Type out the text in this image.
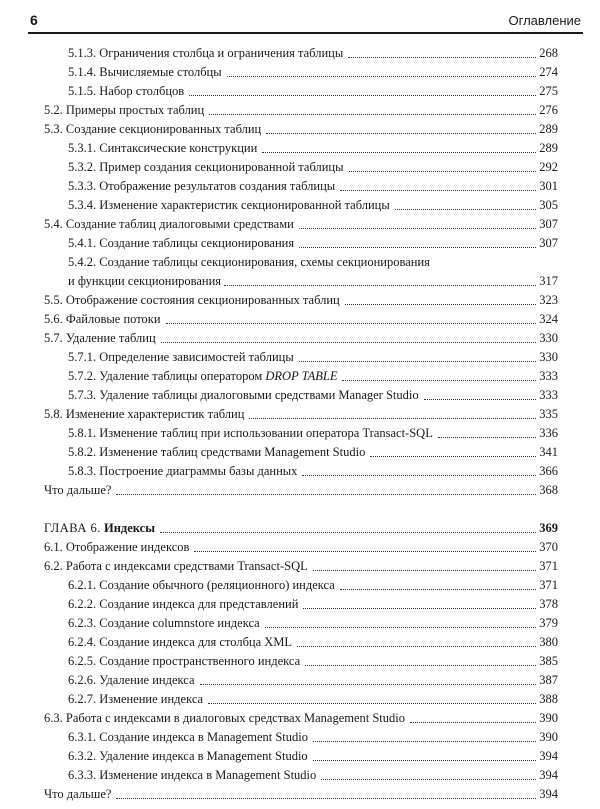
6	Оглавление
5.1.3. Ограничения столбца и ограничения таблицы	268
5.1.4. Вычисляемые столбцы	274
5.1.5. Набор столбцов	275
5.2. Примеры простых таблиц	276
5.3. Создание секционированных таблиц	289
5.3.1. Синтаксические конструкции	289
5.3.2. Пример создания секционированной таблицы	292
5.3.3. Отображение результатов создания таблицы	301
5.3.4. Изменение характеристик секционированной таблицы	305
5.4. Создание таблиц диалоговыми средствами	307
5.4.1. Создание таблицы секционирования	307
5.4.2. Создание таблицы секционирования, схемы секционирования
и функции секционирования	317
5.5. Отображение состояния секционированных таблиц	323
5.6. Файловые потоки	324
5.7. Удаление таблиц	330
5.7.1. Определение зависимостей таблицы	330
5.7.2. Удаление таблицы оператором DROP TABLE	333
5.7.3. Удаление таблицы диалоговыми средствами Manager Studio	333
5.8. Изменение характеристик таблиц	335
5.8.1. Изменение таблиц при использовании оператора Transact-SQL	336
5.8.2. Изменение таблиц средствами Management Studio	341
5.8.3. Построение диаграммы базы данных	366
Что дальше?	368
ГЛАВА 6. Индексы	369
6.1. Отображение индексов	370
6.2. Работа с индексами средствами Transact-SQL	371
6.2.1. Создание обычного (реляционного) индекса	371
6.2.2. Создание индекса для представлений	378
6.2.3. Создание columnstore индекса	379
6.2.4. Создание индекса для столбца XML	380
6.2.5. Создание пространственного индекса	385
6.2.6. Удаление индекса	387
6.2.7. Изменение индекса	388
6.3. Работа с индексами в диалоговых средствах Management Studio	390
6.3.1. Создание индекса в Management Studio	390
6.3.2. Удаление индекса в Management Studio	394
6.3.3. Изменение индекса в Management Studio	394
Что дальше?	394
